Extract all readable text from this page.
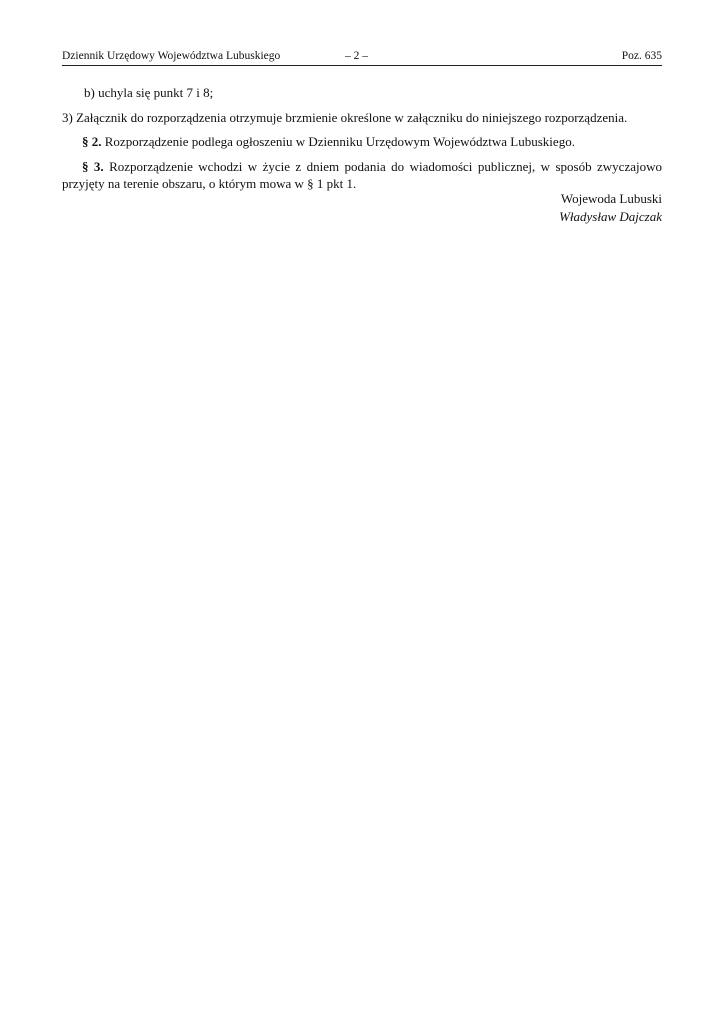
Dziennik Urzędowy Województwa Lubuskiego	– 2 –	Poz. 635
b) uchyla się punkt 7 i 8;
3) Załącznik do rozporządzenia otrzymuje brzmienie określone w załączniku do niniejszego rozporządzenia.
§ 2. Rozporządzenie podlega ogłoszeniu w Dzienniku Urzędowym Województwa Lubuskiego.
§ 3. Rozporządzenie wchodzi w życie z dniem podania do wiadomości publicznej, w sposób zwyczajowo przyjęty na terenie obszaru, o którym mowa w § 1 pkt 1.
Wojewoda Lubuski
Władysław Dajczak
